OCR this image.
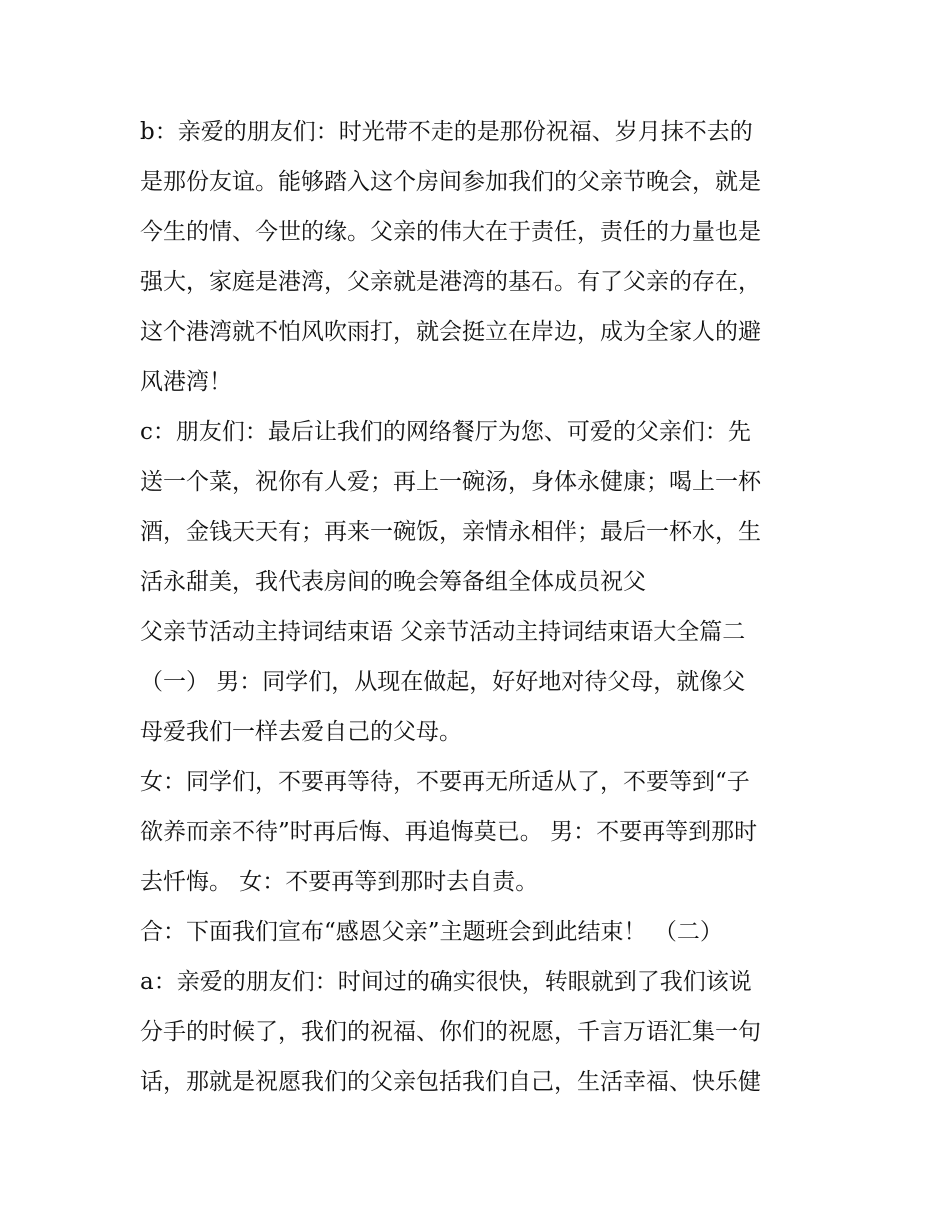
b：亲爱的朋友们：时光带不走的是那份祝福、岁月抹不去的
是那份友谊。能够踏入这个房间参加我们的父亲节晚会，就是
今生的情、今世的缘。父亲的伟大在于责任，责任的力量也是
强大，家庭是港湾，父亲就是港湾的基石。有了父亲的存在，
这个港湾就不怕风吹雨打，就会挺立在岸边，成为全家人的避
风港湾！
c：朋友们：最后让我们的网络餐厅为您、可爱的父亲们：先
送一个菜，祝你有人爱；再上一碗汤，身体永健康；喝上一杯
酒，金钱天天有；再来一碗饭，亲情永相伴；最后一杯水，生
活永甜美，我代表房间的晚会筹备组全体成员祝父
父亲节活动主持词结束语 父亲节活动主持词结束语大全篇二
（一） 男：同学们，从现在做起，好好地对待父母，就像父
母爱我们一样去爱自己的父母。
女：同学们，不要再等待，不要再无所适从了，不要等到“子
欲养而亲不待”时再后悔、再追悔莫已。 男：不要再等到那时
去忏悔。 女：不要再等到那时去自责。
合：下面我们宣布“感恩父亲”主题班会到此结束！ （二）
a：亲爱的朋友们：时间过的确实很快，转眼就到了我们该说
分手的时候了，我们的祝福、你们的祝愿，千言万语汇集一句
话，那就是祝愿我们的父亲包括我们自己，生活幸福、快乐健
